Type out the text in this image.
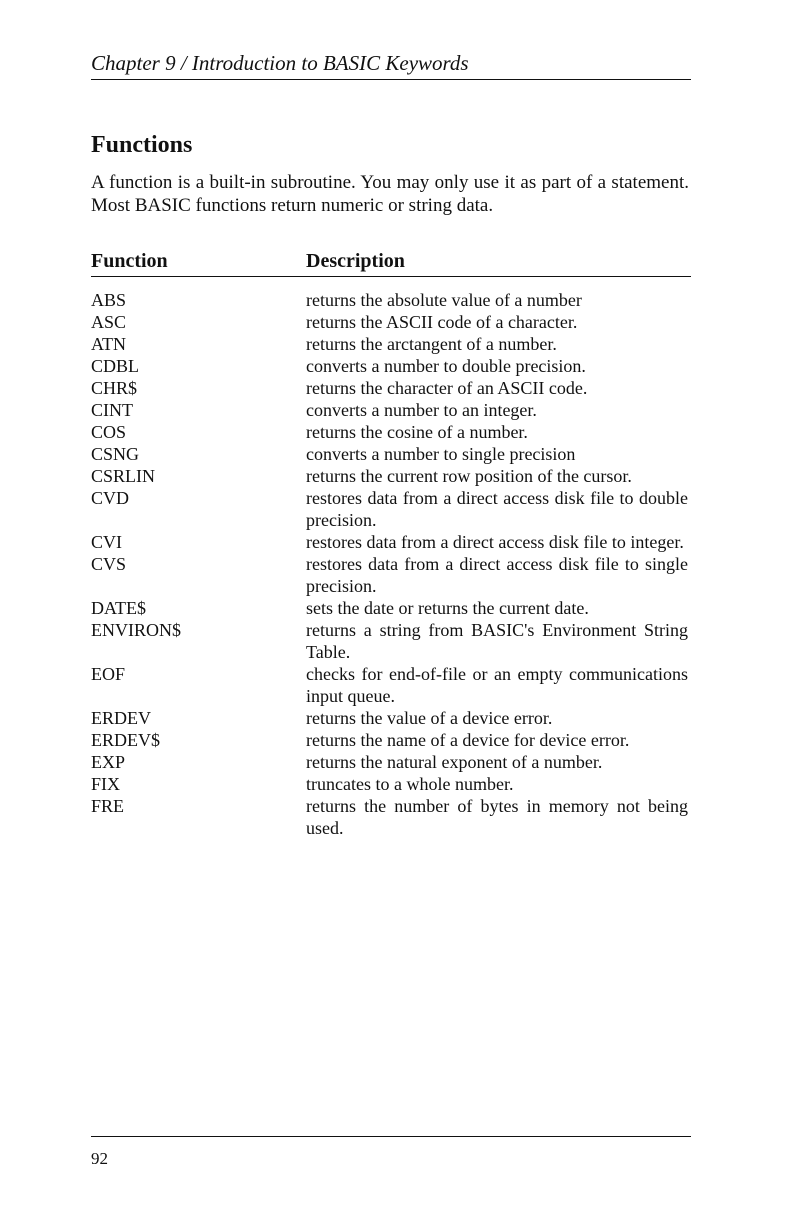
Chapter 9 / Introduction to BASIC Keywords
Functions
A function is a built-in subroutine. You may only use it as part of a statement. Most BASIC functions return numeric or string data.
Function	Description
ABS	returns the absolute value of a number
ASC	returns the ASCII code of a character.
ATN	returns the arctangent of a number.
CDBL	converts a number to double precision.
CHR$	returns the character of an ASCII code.
CINT	converts a number to an integer.
COS	returns the cosine of a number.
CSNG	converts a number to single precision
CSRLIN	returns the current row position of the cursor.
CVD	restores data from a direct access disk file to double precision.
CVI	restores data from a direct access disk file to integer.
CVS	restores data from a direct access disk file to single precision.
DATE$	sets the date or returns the current date.
ENVIRON$	returns a string from BASIC's Environment String Table.
EOF	checks for end-of-file or an empty communications input queue.
ERDEV	returns the value of a device error.
ERDEV$	returns the name of a device for device error.
EXP	returns the natural exponent of a number.
FIX	truncates to a whole number.
FRE	returns the number of bytes in memory not being used.
92
